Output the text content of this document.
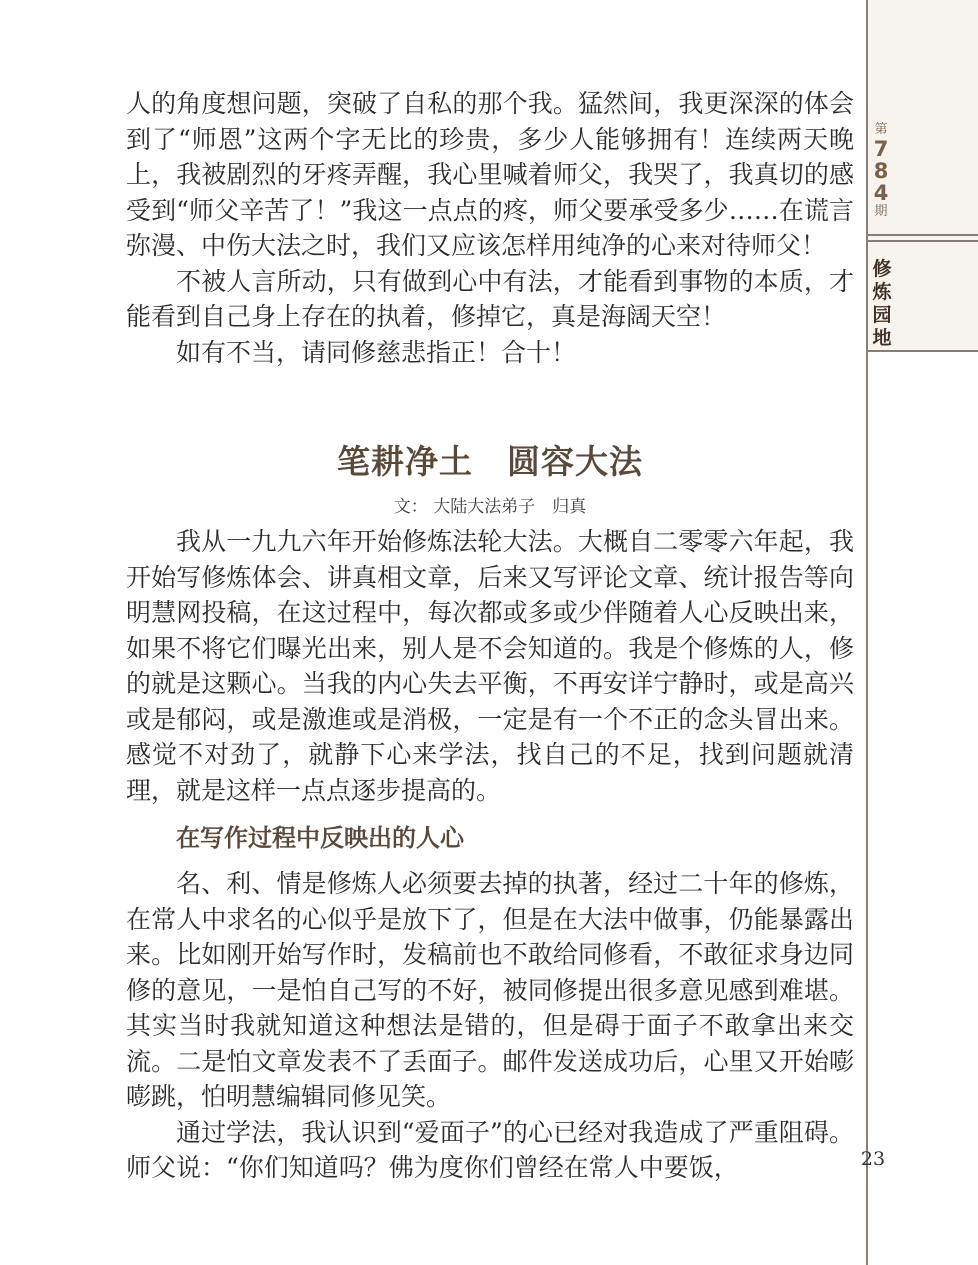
第
7
8
4
期
修
炼
园
地

人的角度想问题，突破了自私的那个我。猛然间，我更深深的体会到了“师恩”这两个字无比的珍贵，多少人能够拥有！连续两天晚上，我被剧烈的牙疼弄醒，我心里喊着师父，我哭了，我真切的感受到“师父辛苦了！”我这一点点的疼，师父要承受多少……在谎言弥漫、中伤大法之时，我们又应该怎样用纯净的心来对待师父！

不被人言所动，只有做到心中有法，才能看到事物的本质，才能看到自己身上存在的执着，修掉它，真是海阔天空！

如有不当，请同修慈悲指正！合十！

笔耕净土　圆容大法
文： 大陆大法弟子　归真

我从一九九六年开始修炼法轮大法。大概自二零零六年起，我开始写修炼体会、讲真相文章，后来又写评论文章、统计报告等向明慧网投稿，在这过程中，每次都或多或少伴随着人心反映出来，如果不将它们曝光出来，别人是不会知道的。我是个修炼的人，修的就是这颗心。当我的内心失去平衡，不再安详宁静时，或是高兴或是郁闷，或是激進或是消极，一定是有一个不正的念头冒出来。感觉不对劲了，就静下心来学法，找自己的不足，找到问题就清理，就是这样一点点逐步提高的。

在写作过程中反映出的人心

名、利、情是修炼人必须要去掉的执著，经过二十年的修炼，在常人中求名的心似乎是放下了，但是在大法中做事，仍能暴露出来。比如刚开始写作时，发稿前也不敢给同修看，不敢征求身边同修的意见，一是怕自己写的不好，被同修提出很多意见感到难堪。其实当时我就知道这种想法是错的，但是碍于面子不敢拿出来交流。二是怕文章发表不了丢面子。邮件发送成功后，心里又开始嘭嘭跳，怕明慧编辑同修见笑。

通过学法，我认识到“爱面子”的心已经对我造成了严重阻碍。师父说：“你们知道吗？佛为度你们曾经在常人中要饭，	23
